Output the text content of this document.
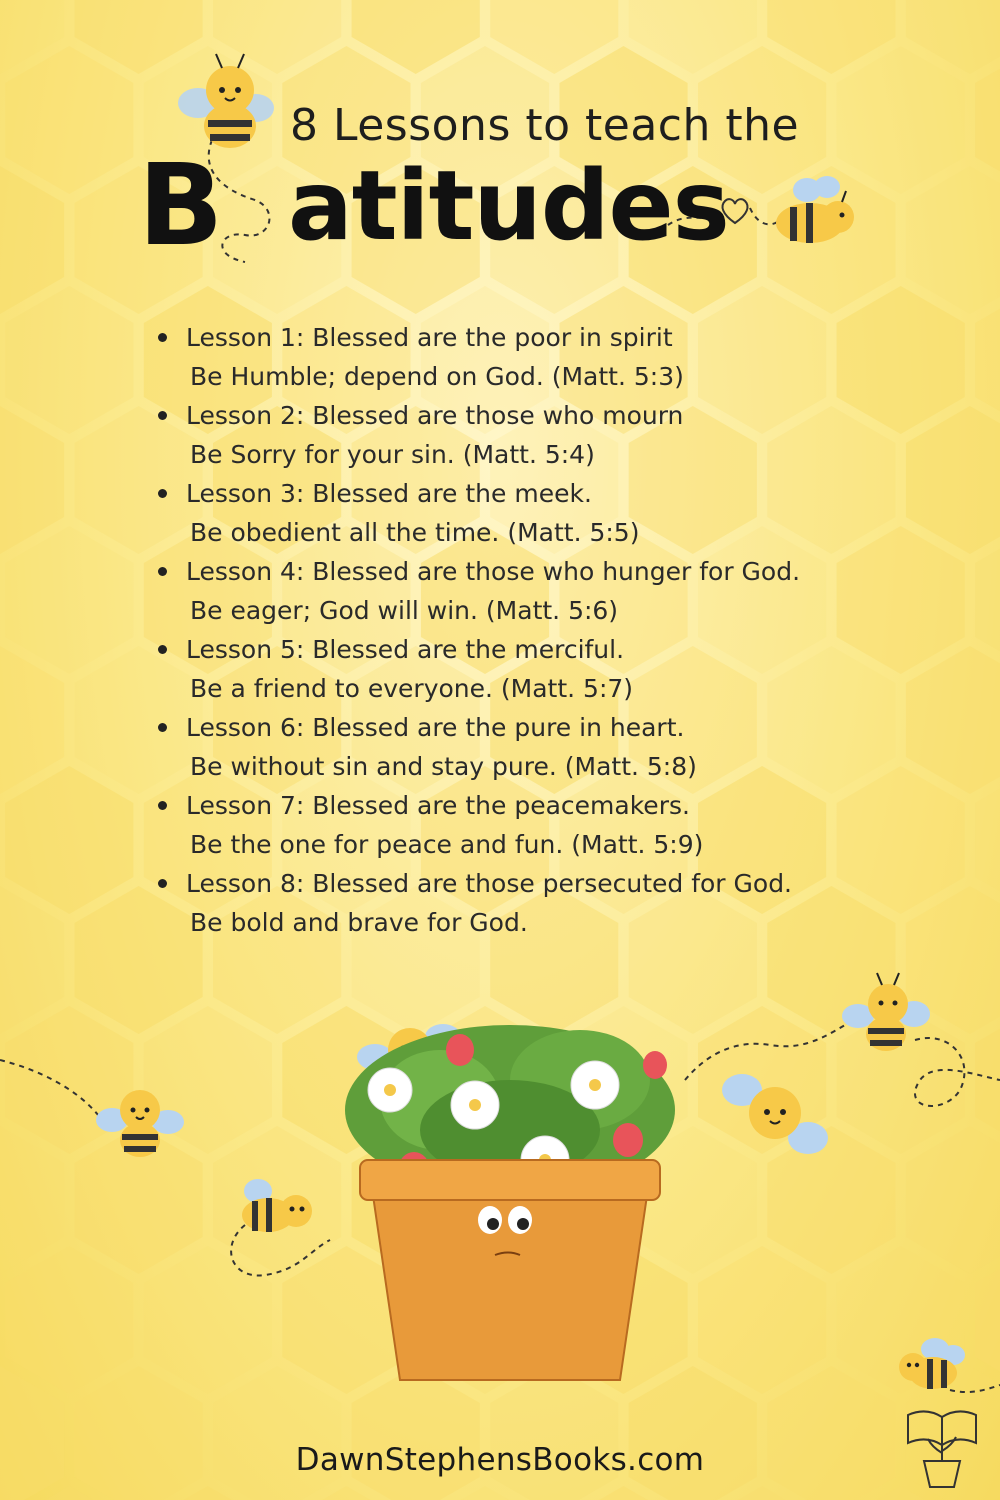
8 Lessons to teach the
B atitudes
Lesson 1: Blessed are the poor in spirit
Be Humble; depend on God. (Matt. 5:3)
Lesson 2: Blessed are those who mourn
Be Sorry for your sin. (Matt. 5:4)
Lesson 3: Blessed are the meek.
Be obedient all the time. (Matt. 5:5)
Lesson 4: Blessed are those who hunger for God.
Be eager; God will win. (Matt. 5:6)
Lesson 5: Blessed are the merciful.
Be a friend to everyone. (Matt. 5:7)
Lesson 6: Blessed are the pure in heart.
Be without sin and stay pure. (Matt. 5:8)
Lesson 7: Blessed are the peacemakers.
Be the one for peace and fun. (Matt. 5:9)
Lesson 8: Blessed are those persecuted for God.
Be bold and brave for God.
DawnStephensBooks.com
